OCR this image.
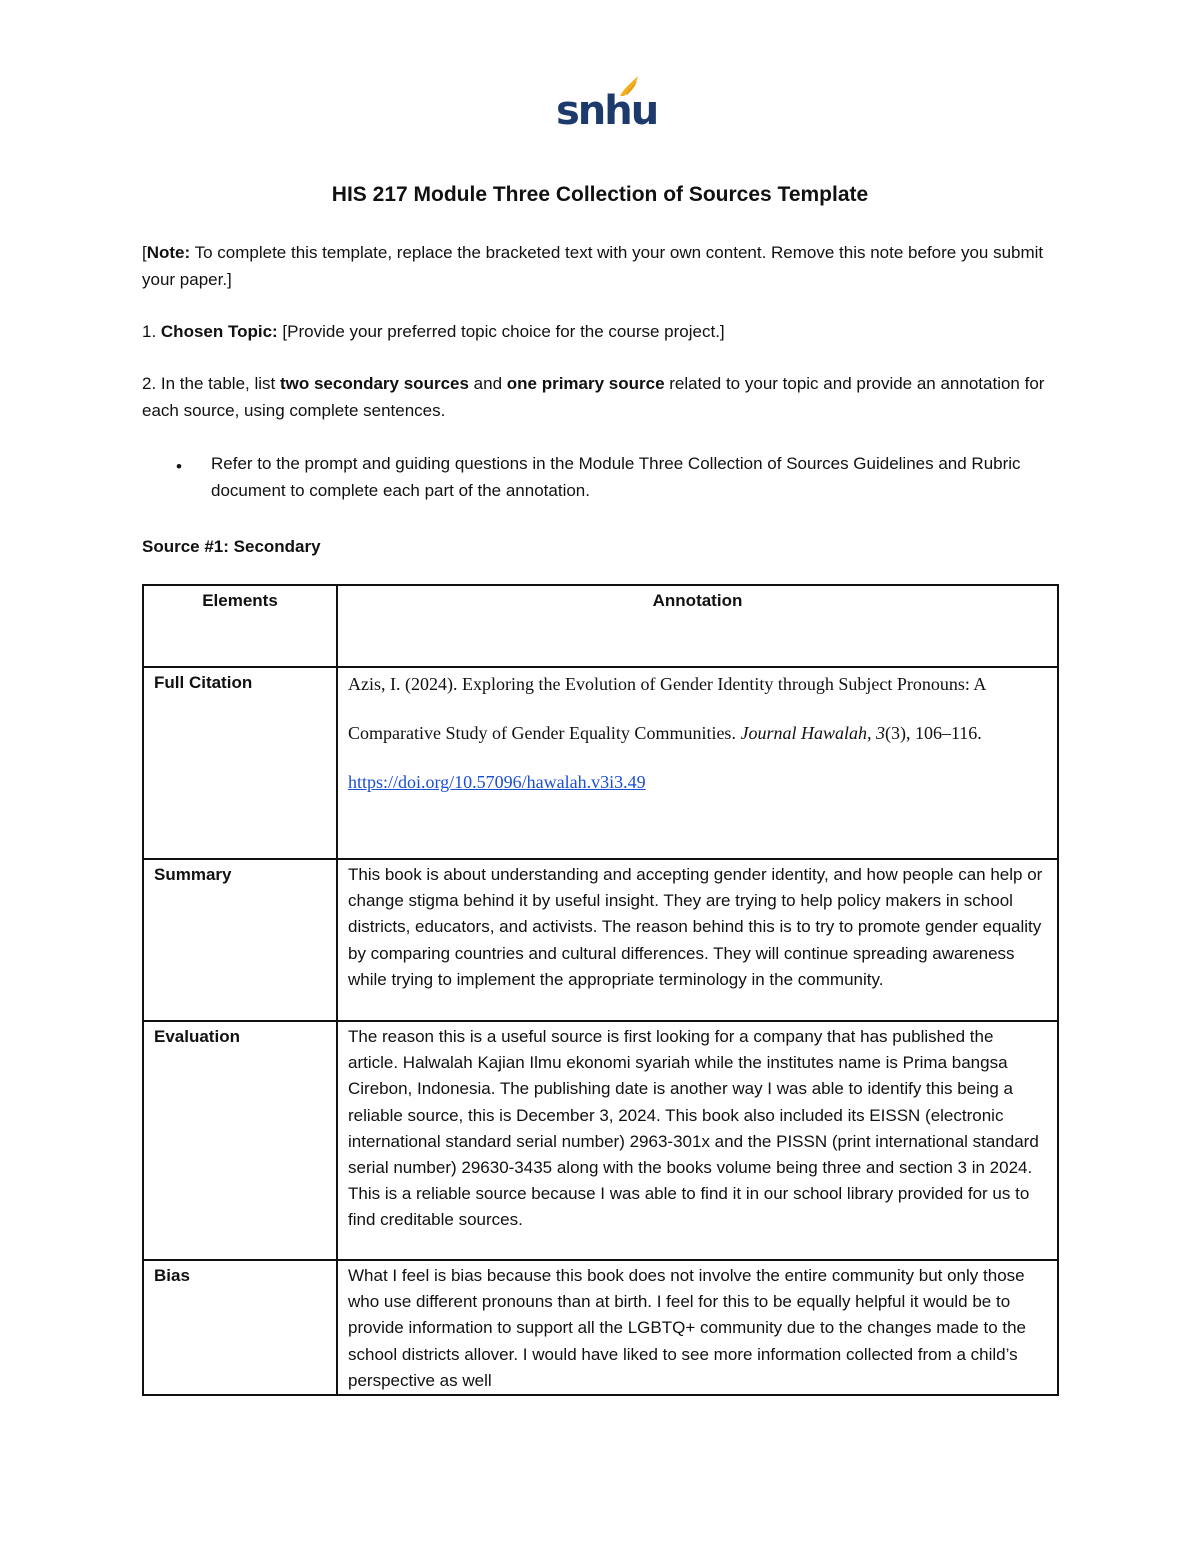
snhu
HIS 217 Module Three Collection of Sources Template
[Note: To complete this template, replace the bracketed text with your own content. Remove this note before you submit your paper.]
1. Chosen Topic: [Provide your preferred topic choice for the course project.]
2. In the table, list two secondary sources and one primary source related to your topic and provide an annotation for each source, using complete sentences.
• Refer to the prompt and guiding questions in the Module Three Collection of Sources Guidelines and Rubric document to complete each part of the annotation.
Source #1: Secondary
Elements	Annotation
Full Citation	Azis, I. (2024). Exploring the Evolution of Gender Identity through Subject Pronouns: A Comparative Study of Gender Equality Communities. Journal Hawalah, 3(3), 106–116. https://doi.org/10.57096/hawalah.v3i3.49

Summary	This book is about understanding and accepting gender identity, and how people can help or change stigma behind it by useful insight. They are trying to help policy makers in school districts, educators, and activists. The reason behind this is to try to promote gender equality by comparing countries and cultural differences. They will continue spreading awareness while trying to implement the appropriate terminology in the community.
Evaluation	The reason this is a useful source is first looking for a company that has published the article. Halwalah Kajian Ilmu ekonomi syariah while the institutes name is Prima bangsa Cirebon, Indonesia. The publishing date is another way I was able to identify this being a reliable source, this is December 3, 2024. This book also included its EISSN (electronic international standard serial number) 2963-301x and the PISSN (print international standard serial number) 29630-3435 along with the books volume being three and section 3 in 2024. This is a reliable source because I was able to find it in our school library provided for us to find creditable sources.
Bias	What I feel is bias because this book does not involve the entire community but only those who use different pronouns than at birth. I feel for this to be equally helpful it would be to provide information to support all the LGBTQ+ community due to the changes made to the school districts allover. I would have liked to see more information collected from a child’s perspective as well
